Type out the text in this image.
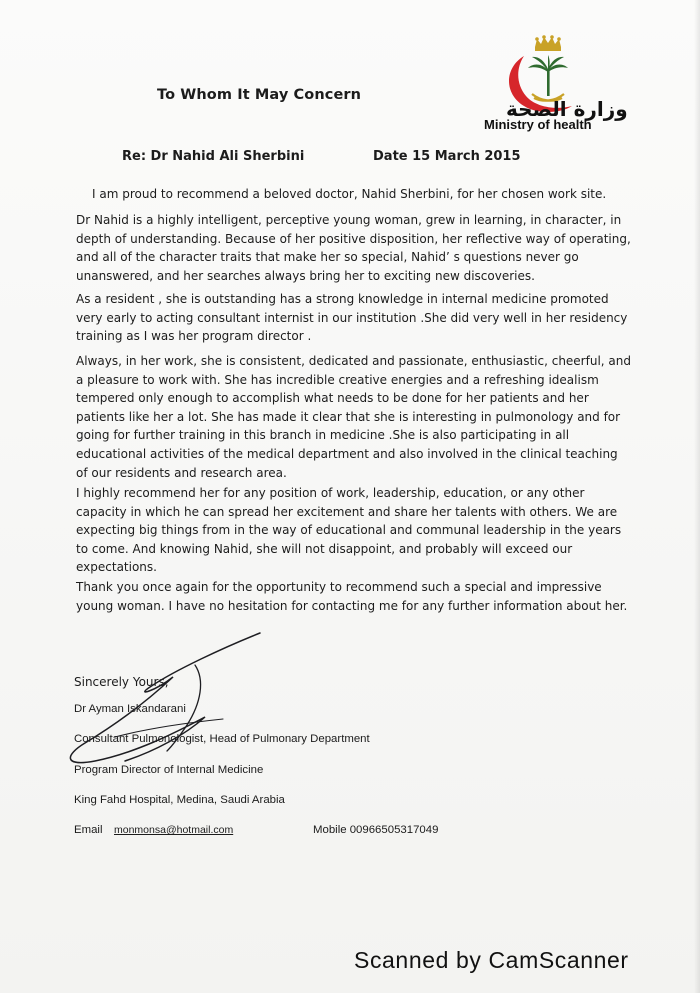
To Whom It May Concern
وزارة الصحة
Ministry of health
Re: Dr Nahid Ali Sherbini	Date 15 March 2015

I am proud to recommend a beloved doctor, Nahid Sherbini, for her chosen work site.

Dr Nahid is a highly intelligent, perceptive young woman, grew in learning, in character, in depth of understanding. Because of her positive disposition, her reflective way of operating, and all of the character traits that make her so special, Nahid’ s questions never go unanswered, and her searches always bring her to exciting new discoveries.

As a resident , she is outstanding has a strong knowledge in internal medicine promoted very early to acting consultant internist in our institution .She did very well in her residency training as I was her program director .

Always, in her work, she is consistent, dedicated and passionate, enthusiastic, cheerful, and a pleasure to work with. She has incredible creative energies and a refreshing idealism tempered only enough to accomplish what needs to be done for her patients and her patients like her a lot. She has made it clear that she is interesting in pulmonology and for going for further training in this branch in medicine .She is also participating in all educational activities of the medical department and also involved in the clinical teaching of our residents and research area.

I highly recommend her for any position of work, leadership, education, or any other capacity in which he can spread her excitement and share her talents with others. We are expecting big things from in the way of educational and communal leadership in the years to come. And knowing Nahid, she will not disappoint, and probably will exceed our expectations.

Thank you once again for the opportunity to recommend such a special and impressive young woman. I have no hesitation for contacting me for any further information about her.

Sincerely Yours,
Dr Ayman Iskandarani
Consultant Pulmonologist, Head of Pulmonary Department
Program Director of Internal Medicine
King Fahd Hospital, Medina, Saudi Arabia
Email monmonsa@hotmail.com	Mobile 00966505317049
Scanned by CamScanner
